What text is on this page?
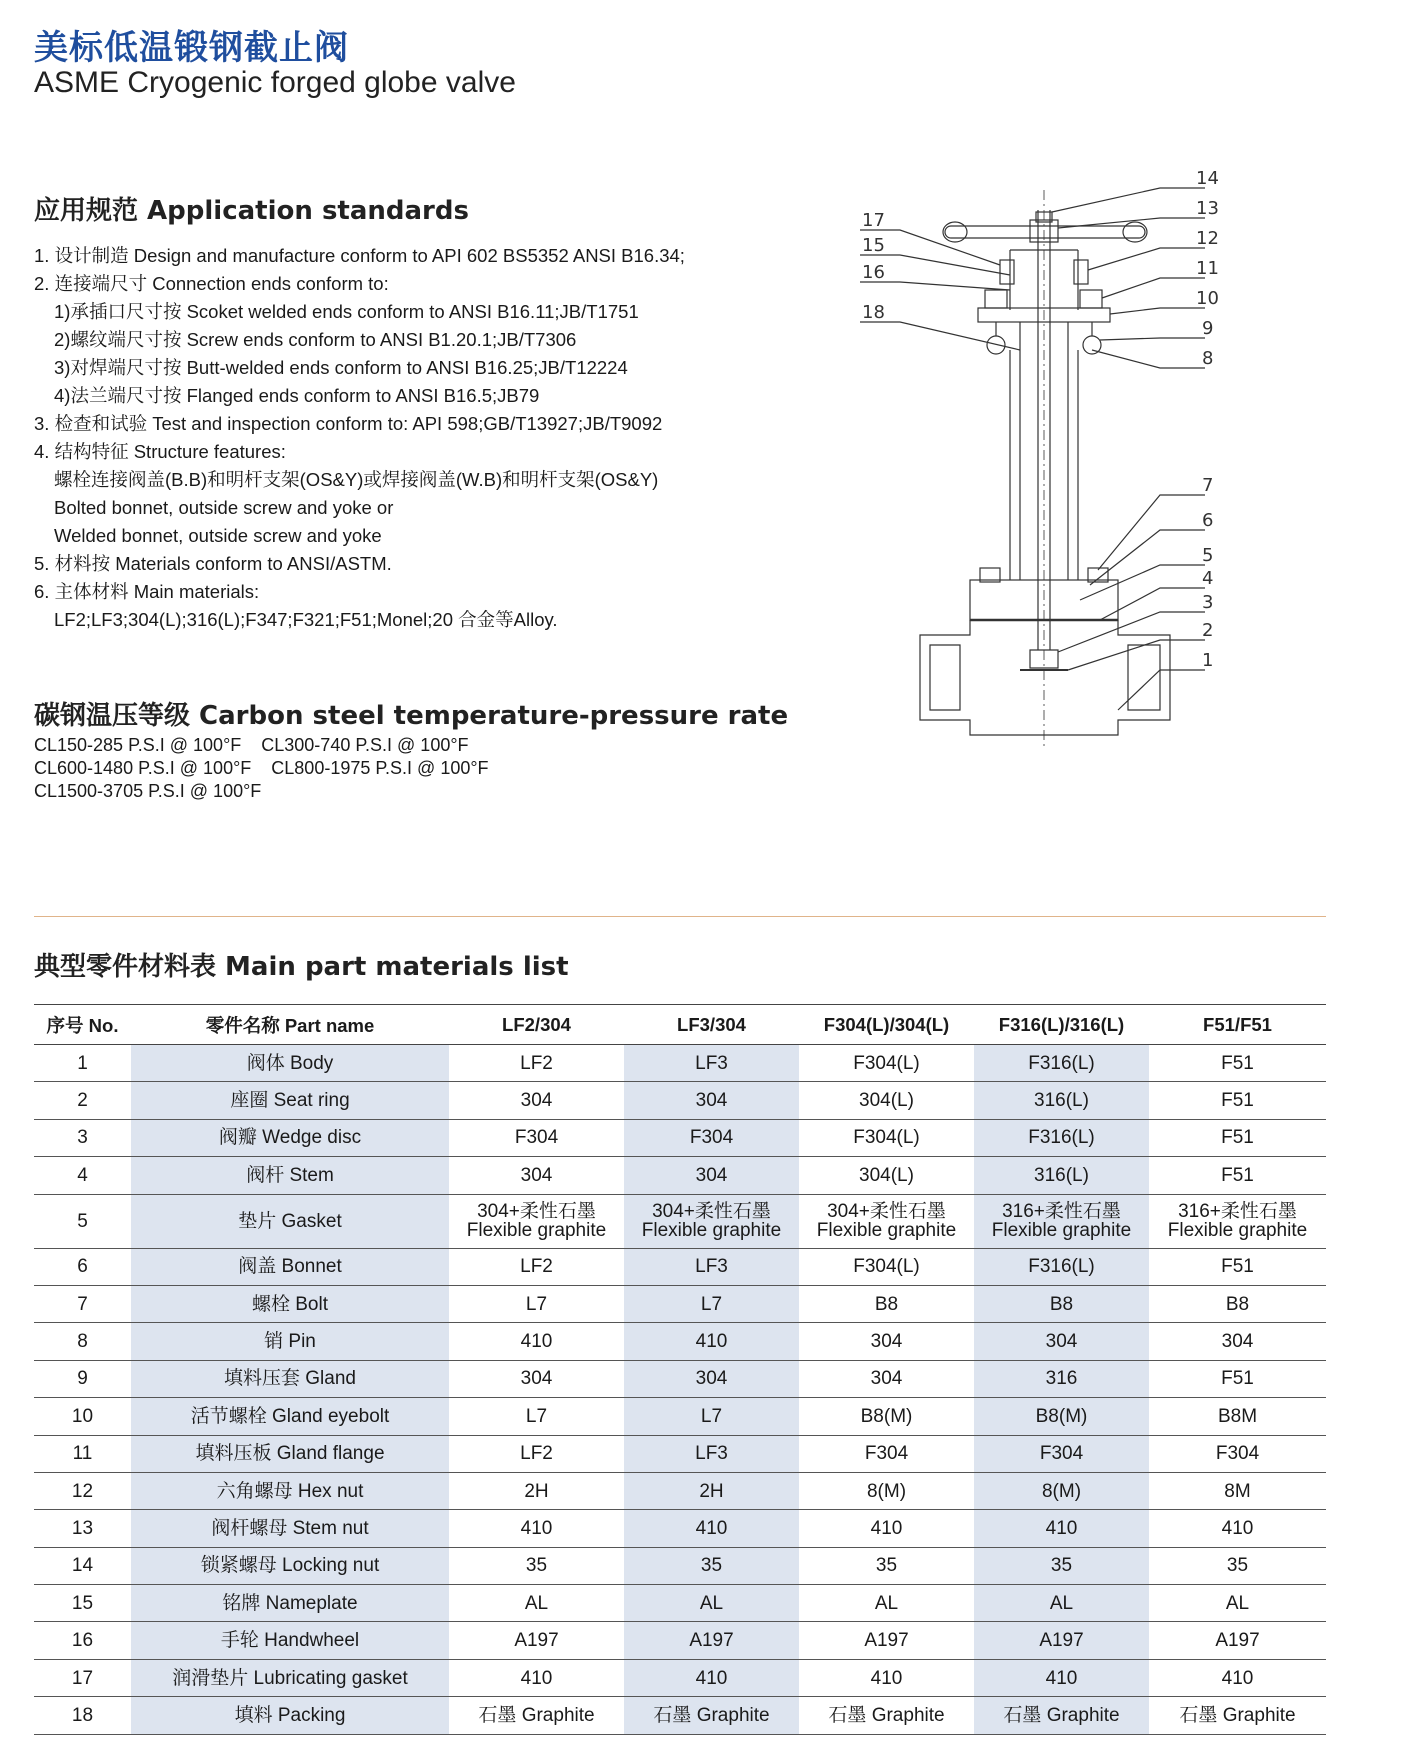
美标低温锻钢截止阀
ASME Cryogenic forged globe valve
应用规范 Application standards
1. 设计制造 Design and manufacture conform to API 602 BS5352 ANSI B16.34;
2. 连接端尺寸 Connection ends conform to:
1)承插口尺寸按 Scoket welded ends conform to ANSI B16.11;JB/T1751
2)螺纹端尺寸按 Screw ends conform to ANSI B1.20.1;JB/T7306
3)对焊端尺寸按 Butt-welded ends conform to ANSI B16.25;JB/T12224
4)法兰端尺寸按 Flanged ends conform to ANSI B16.5;JB79
3. 检查和试验 Test and inspection conform to: API 598;GB/T13927;JB/T9092
4. 结构特征 Structure features:
螺栓连接阀盖(B.B)和明杆支架(OS&Y)或焊接阀盖(W.B)和明杆支架(OS&Y)
Bolted bonnet, outside screw and yoke or
Welded bonnet, outside screw and yoke
5. 材料按 Materials conform to ANSI/ASTM.
6. 主体材料 Main materials:
LF2;LF3;304(L);316(L);F347;F321;F51;Monel;20 合金等Alloy.
碳钢温压等级 Carbon steel temperature-pressure rate
CL150-285 P.S.I @ 100°F CL300-740 P.S.I @ 100°F
CL600-1480 P.S.I @ 100°F CL800-1975 P.S.I @ 100°F
CL1500-3705 P.S.I @ 100°F
14
13
12
11
10
9
8
7
6
5
4
3
2
1
17
15
16
18
典型零件材料表 Main part materials list
序号 No.	零件名称 Part name	LF2/304	LF3/304	F304(L)/304(L)	F316(L)/316(L)	F51/F51
1	阀体 Body	LF2	LF3	F304(L)	F316(L)	F51
2	座圈 Seat ring	304	304	304(L)	316(L)	F51
3	阀瓣 Wedge disc	F304	F304	F304(L)	F316(L)	F51
4	阀杆 Stem	304	304	304(L)	316(L)	F51
5	垫片 Gasket	304+柔性石墨
Flexible graphite	304+柔性石墨
Flexible graphite	304+柔性石墨
Flexible graphite	316+柔性石墨
Flexible graphite	316+柔性石墨
Flexible graphite

6	阀盖 Bonnet	LF2	LF3	F304(L)	F316(L)	F51
7	螺栓 Bolt	L7	L7	B8	B8	B8
8	销 Pin	410	410	304	304	304
9	填料压套 Gland	304	304	304	316	F51
10	活节螺栓 Gland eyebolt	L7	L7	B8(M)	B8(M)	B8M
11	填料压板 Gland flange	LF2	LF3	F304	F304	F304
12	六角螺母 Hex nut	2H	2H	8(M)	8(M)	8M
13	阀杆螺母 Stem nut	410	410	410	410	410
14	锁紧螺母 Locking nut	35	35	35	35	35
15	铭牌 Nameplate	AL	AL	AL	AL	AL
16	手轮 Handwheel	A197	A197	A197	A197	A197
17	润滑垫片 Lubricating gasket	410	410	410	410	410
18	填料 Packing	石墨 Graphite	石墨 Graphite	石墨 Graphite	石墨 Graphite	石墨 Graphite
